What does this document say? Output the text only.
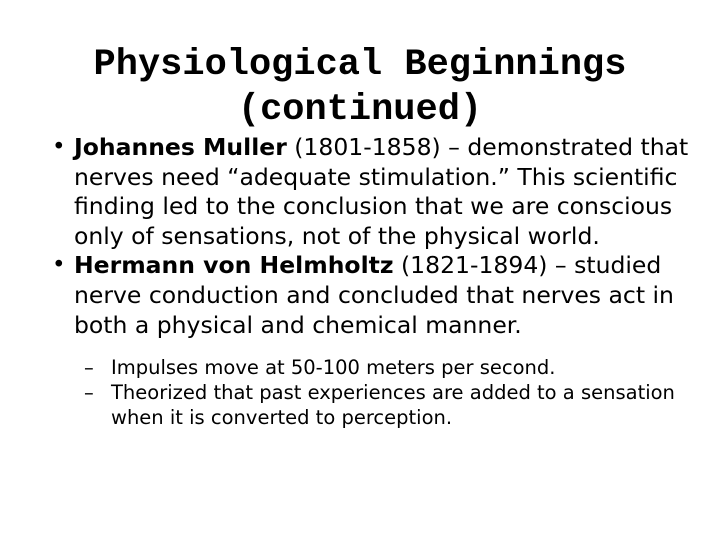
Physiological Beginnings
(continued)
• Johannes Muller (1801-1858) – demonstrated that nerves need “adequate stimulation.” This scientific finding led to the conclusion that we are conscious only of sensations, not of the physical world.
• Hermann von Helmholtz (1821-1894) – studied nerve conduction and concluded that nerves act in both a physical and chemical manner.
– Impulses move at 50-100 meters per second.
– Theorized that past experiences are added to a sensation when it is converted to perception.
